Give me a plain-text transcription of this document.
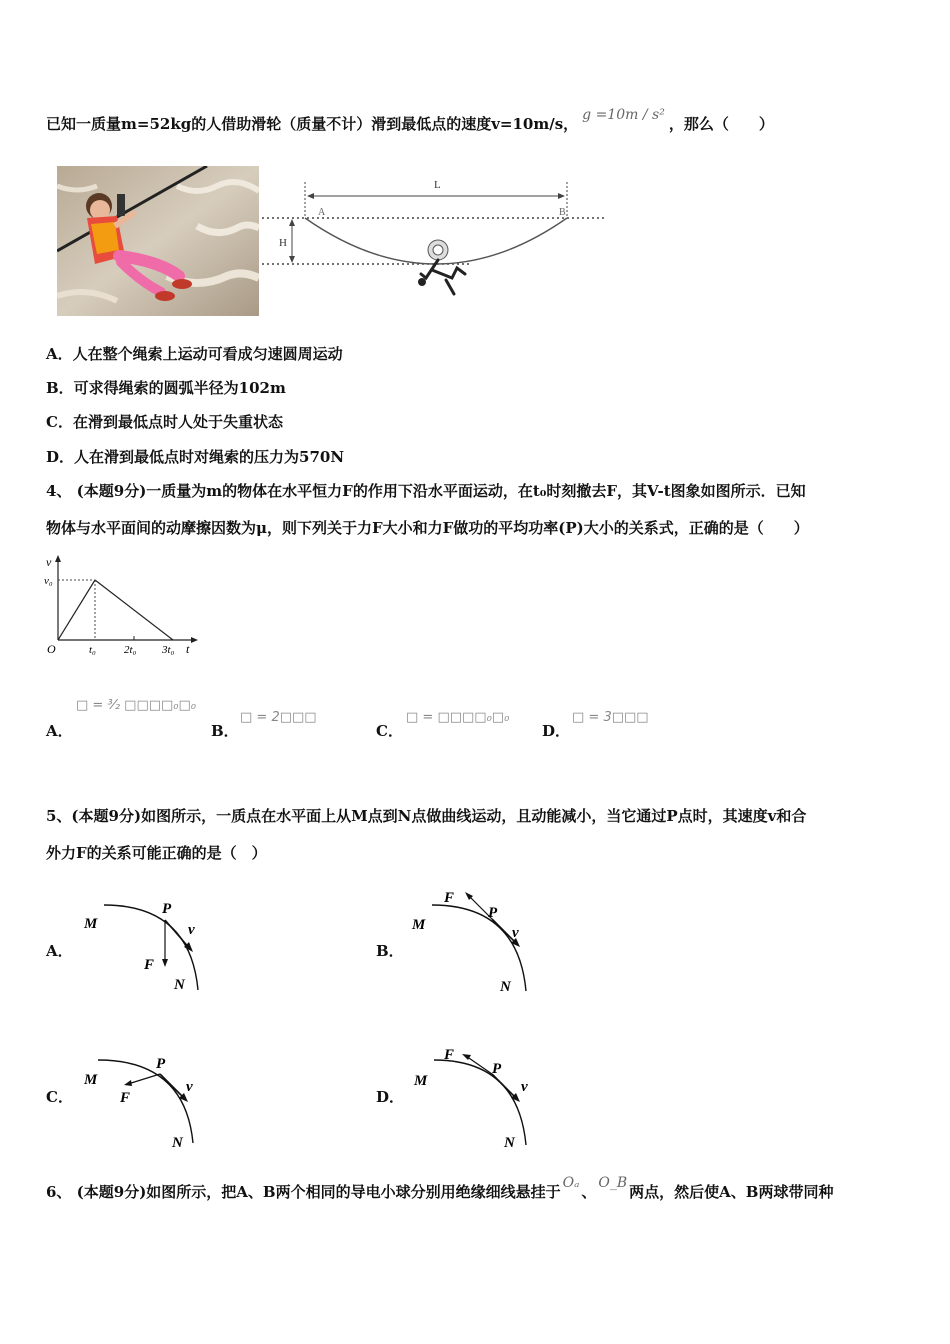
已知一质量m=52kg的人借助滑轮（质量不计）滑到最低点的速度v=10m/s， g =10m / s² ，那么（　　）
L
H
A	B
A．人在整个绳索上运动可看成匀速圆周运动
B．可求得绳索的圆弧半径为102m
C．在滑到最低点时人处于失重状态
D．人在滑到最低点时对绳索的压力为570N
4、 (本题9分)一质量为m的物体在水平恒力F的作用下沿水平面运动，在t₀时刻撤去F，其V-t图象如图所示．已知
物体与水平面间的动摩擦因数为μ，则下列关于力F大小和力F做功的平均功率(P)大小的关系式，正确的是（　　）
v
v₀
O	t₀	2t₀ 3t₀ t
A．
□ = ³⁄₂ □□□□₀□₀
B．
□ = 2□□□
C．
□ = □□□□₀□₀
D．
□ = 3□□□
5、(本题9分)如图所示，一质点在水平面上从M点到N点做曲线运动，且动能减小，当它通过P点时，其速度v和合
外力F的关系可能正确的是（　）
A．
M
P
v
F
N
B．
M
P
v
F
N
C．
M
P
v
F
N
D．
M
P
v
F
N
6、 (本题9分)如图所示，把A、B两个相同的导电小球分别用绝缘细线悬挂于 Oₐ 、 O_B 两点，然后使A、B两球带同种
